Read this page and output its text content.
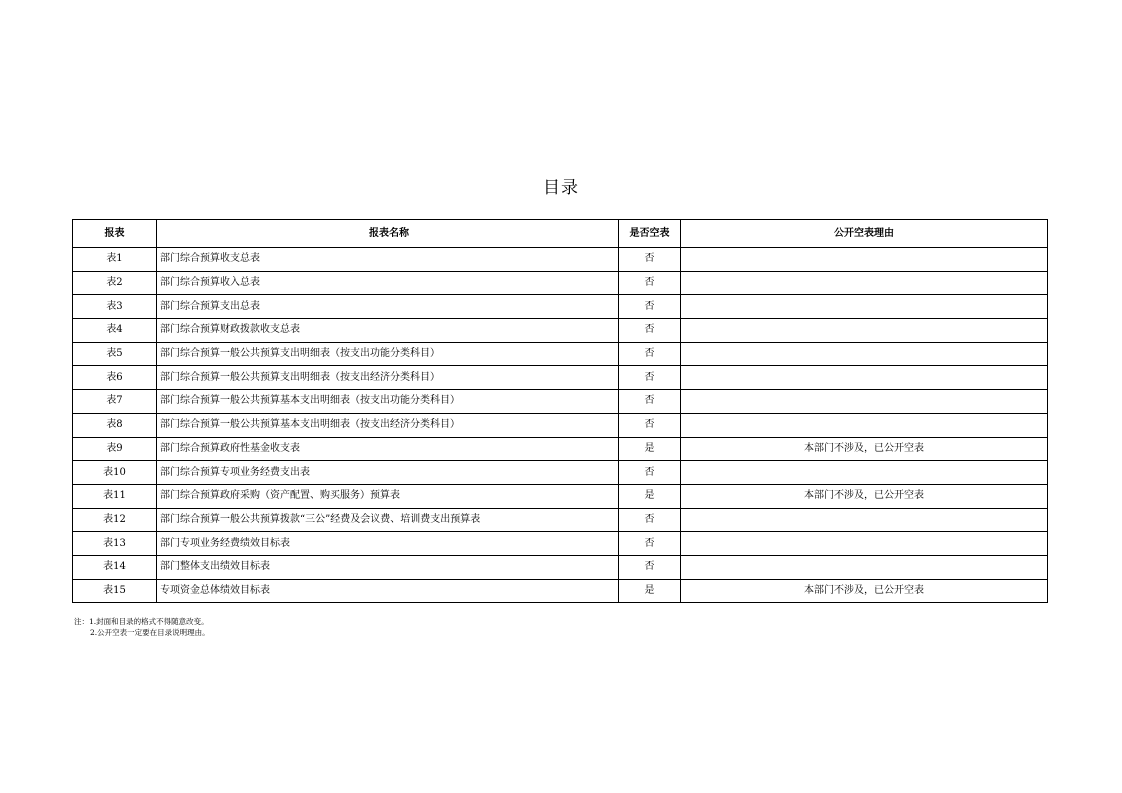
目录
报表	报表名称	是否空表	公开空表理由
表1	部门综合预算收支总表	否	
表2	部门综合预算收入总表	否	
表3	部门综合预算支出总表	否	
表4	部门综合预算财政拨款收支总表	否	
表5	部门综合预算一般公共预算支出明细表（按支出功能分类科目）	否	
表6	部门综合预算一般公共预算支出明细表（按支出经济分类科目）	否	
表7	部门综合预算一般公共预算基本支出明细表（按支出功能分类科目）	否	
表8	部门综合预算一般公共预算基本支出明细表（按支出经济分类科目）	否	
表9	部门综合预算政府性基金收支表	是	本部门不涉及，已公开空表
表10	部门综合预算专项业务经费支出表	否	
表11	部门综合预算政府采购（资产配置、购买服务）预算表	是	本部门不涉及，已公开空表
表12	部门综合预算一般公共预算拨款“三公”经费及会议费、培训费支出预算表	否	
表13	部门专项业务经费绩效目标表	否	
表14	部门整体支出绩效目标表	否	
表15	专项资金总体绩效目标表	是	本部门不涉及，已公开空表
注：1.封面和目录的格式不得随意改变。
2.公开空表一定要在目录说明理由。
